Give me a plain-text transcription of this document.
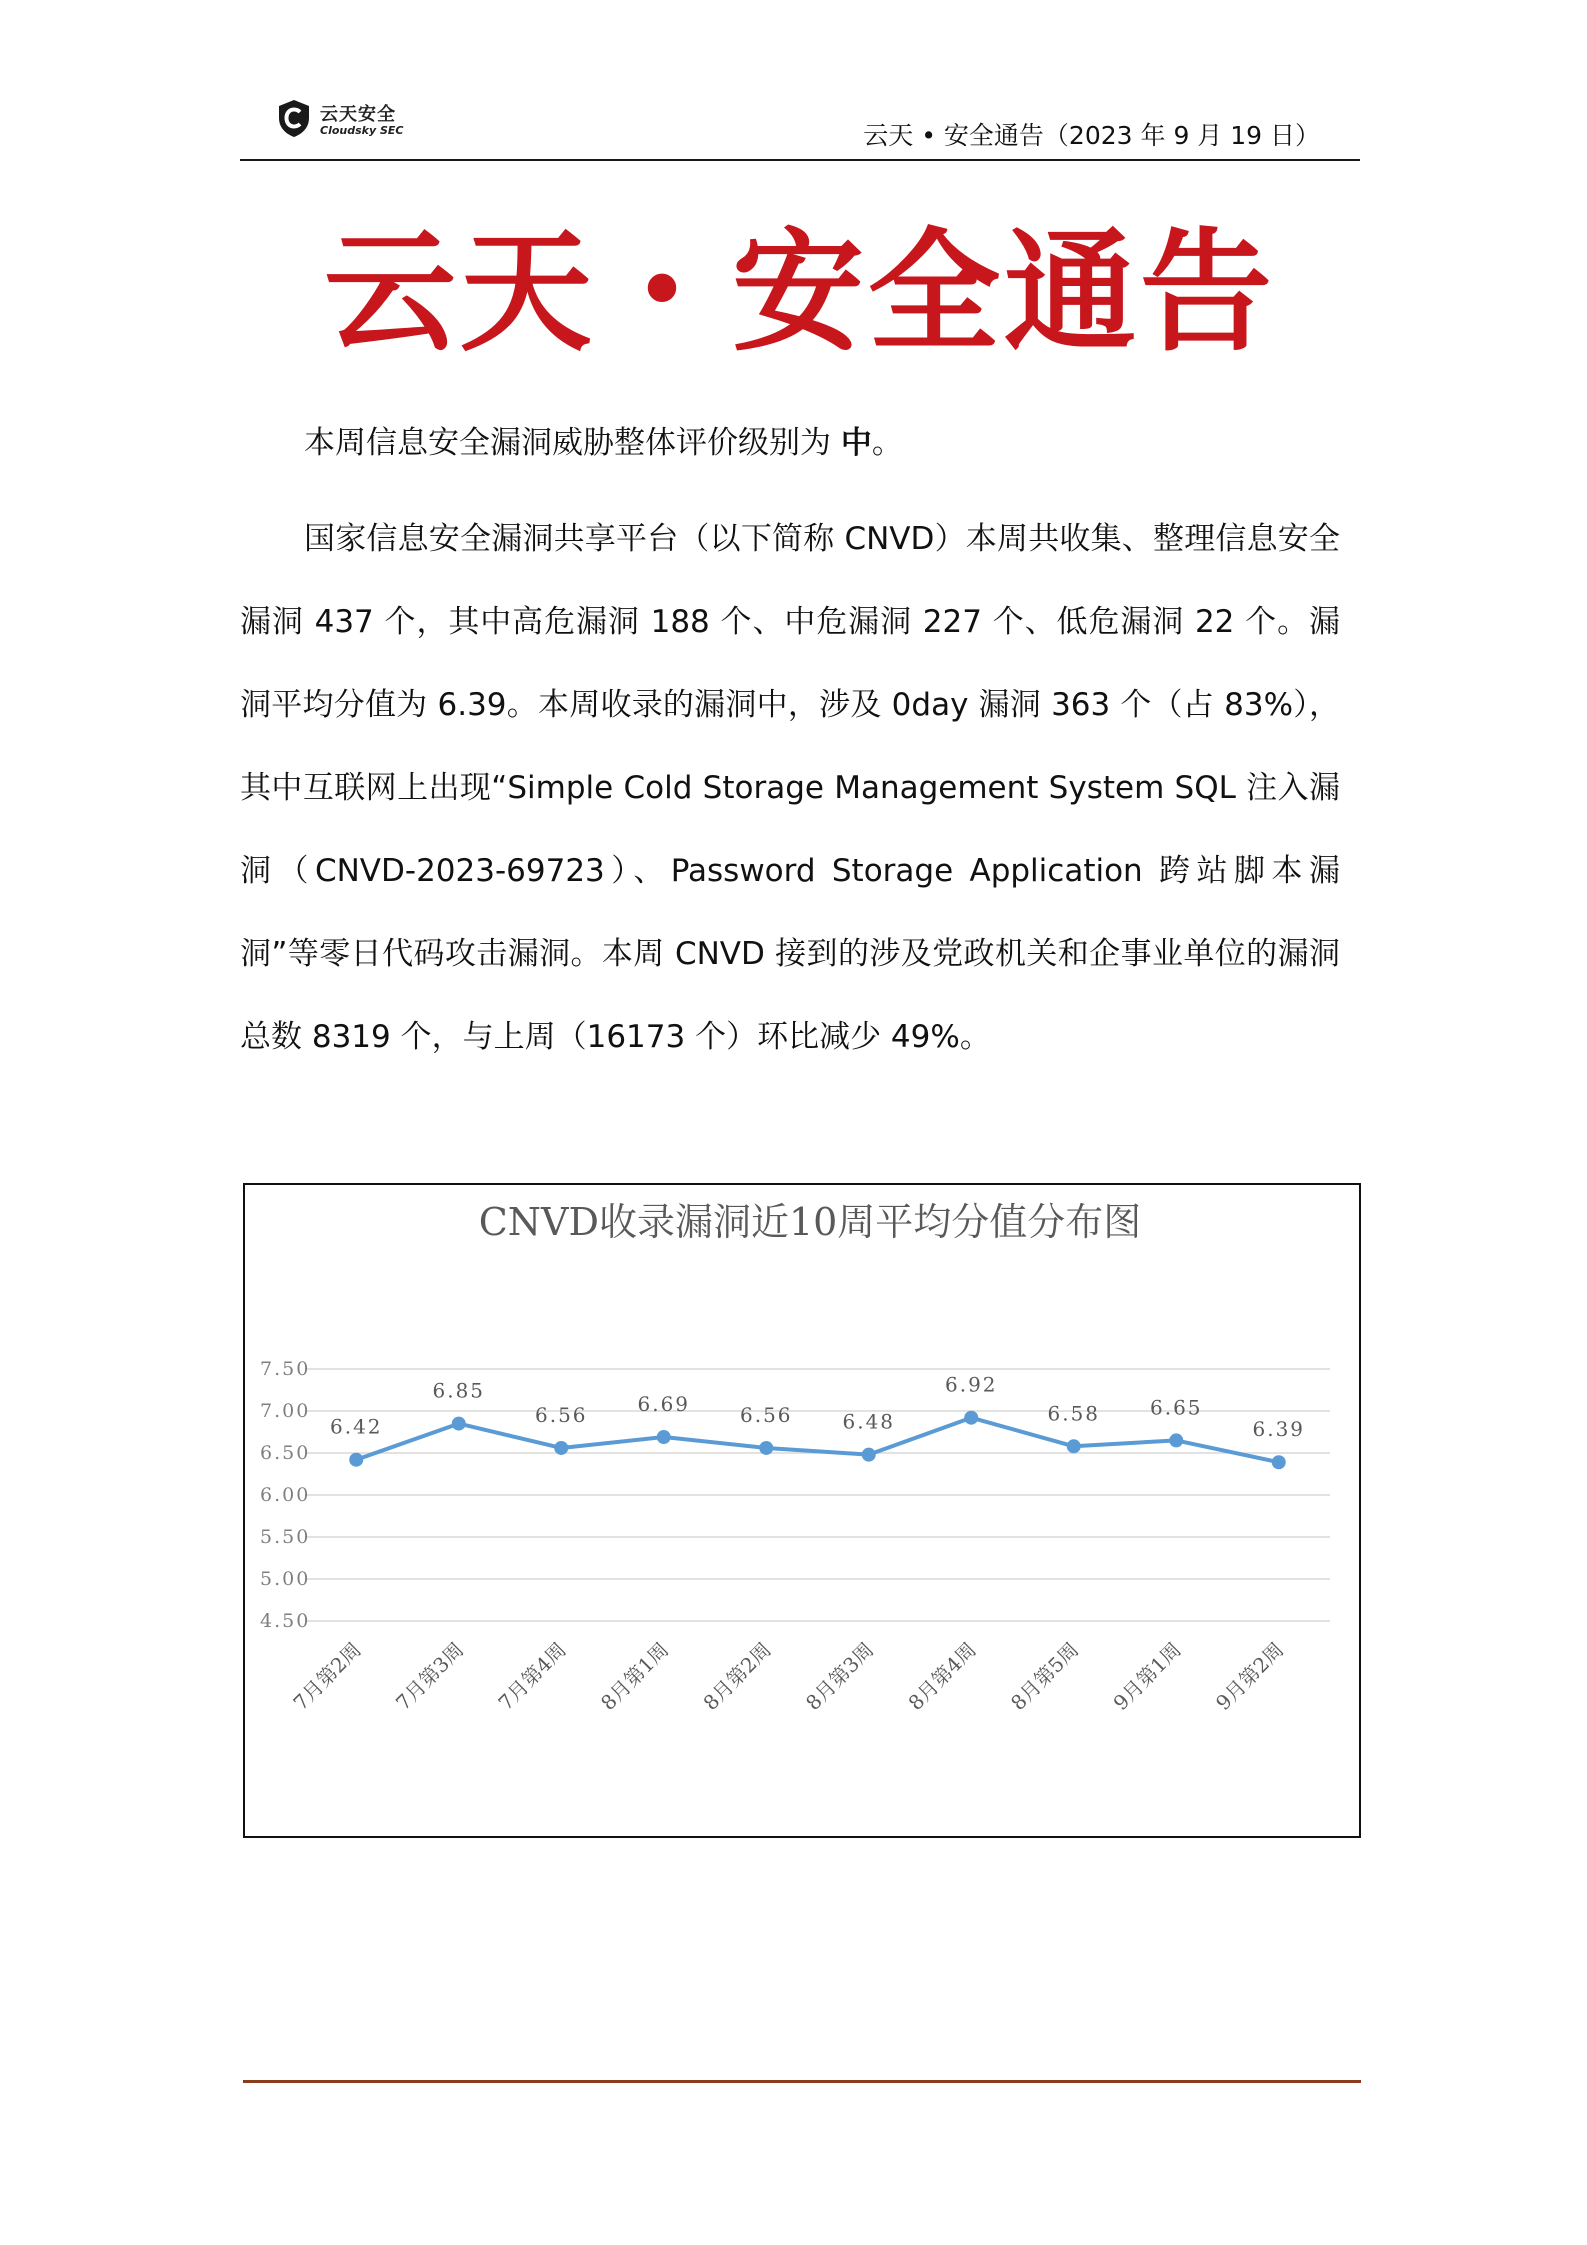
云天安全
Cloudsky SEC	云天 • 安全通告（2023 年 9 月 19 日）
云天・安全通告
本周信息安全漏洞威胁整体评价级别为 中。
国家信息安全漏洞共享平台（以下简称 CNVD）本周共收集、整理信息安全漏洞 437 个，其中高危漏洞 188 个、中危漏洞 227 个、低危漏洞 22 个。漏洞平均分值为 6.39。本周收录的漏洞中，涉及 0day 漏洞 363 个（占 83%），其中互联网上出现“Simple Cold Storage Management System SQL 注入漏洞（CNVD-2023-69723）、Password Storage Application 跨站脚本漏洞”等零日代码攻击漏洞。本周 CNVD 接到的涉及党政机关和企事业单位的漏洞总数 8319 个，与上周（16173 个）环比减少 49%。
CNVD收录漏洞近10周平均分值分布图
4.50
5.00
5.50
6.00
6.50
7.00
7.50
6.42
6.85
6.56 6.69 6.56 6.48
6.92
6.58 6.65
6.39
7月第2周 7月第3周 7月第4周 8月第1周 8月第2周 8月第3周 8月第4周 8月第5周 9月第1周 9月第2周
